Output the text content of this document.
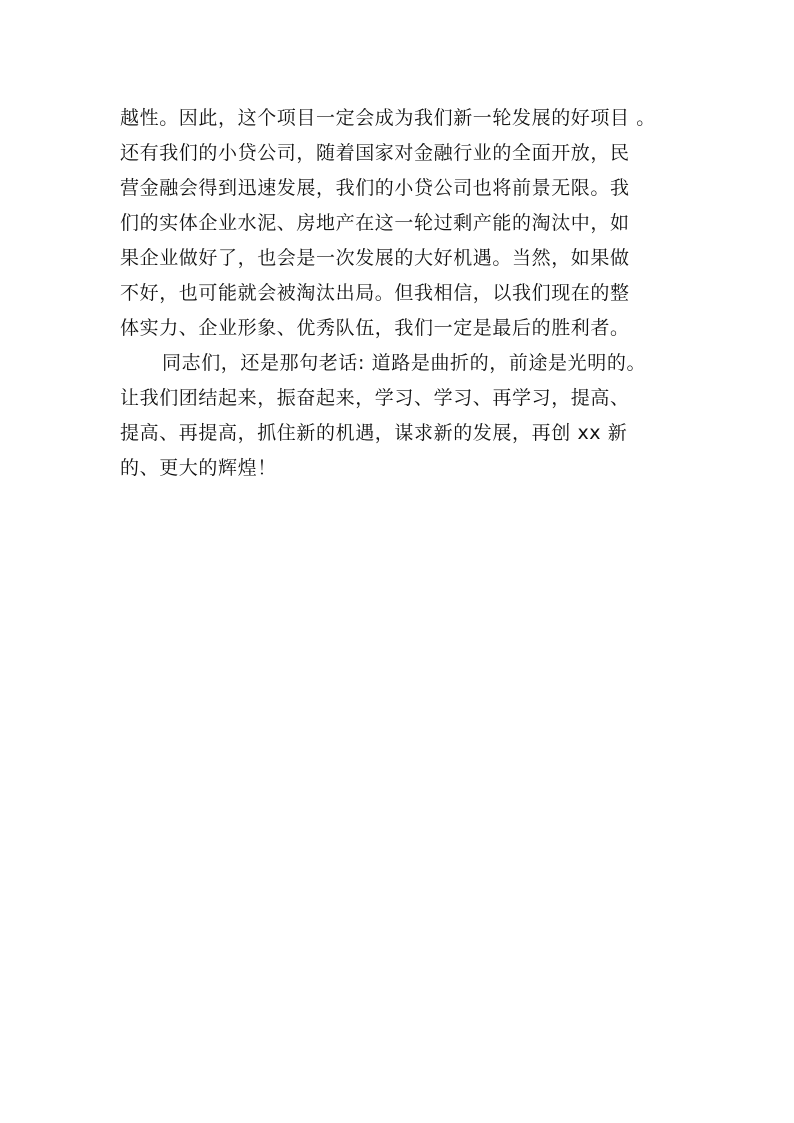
越性。因此，这个项目一定会成为我们新一轮发展的好项目 。
还有我们的小贷公司，随着国家对金融行业的全面开放，民
营金融会得到迅速发展，我们的小贷公司也将前景无限。我
们的实体企业水泥、房地产在这一轮过剩产能的淘汰中，如
果企业做好了，也会是一次发展的大好机遇。当然，如果做
不好，也可能就会被淘汰出局。但我相信，以我们现在的整
体实力、企业形象、优秀队伍，我们一定是最后的胜利者。
同志们，还是那句老话: 道路是曲折的，前途是光明的。
让我们团结起来，振奋起来，学习、学习、再学习，提高、
提高、再提高，抓住新的机遇，谋求新的发展，再创 xx 新
的、更大的辉煌！
